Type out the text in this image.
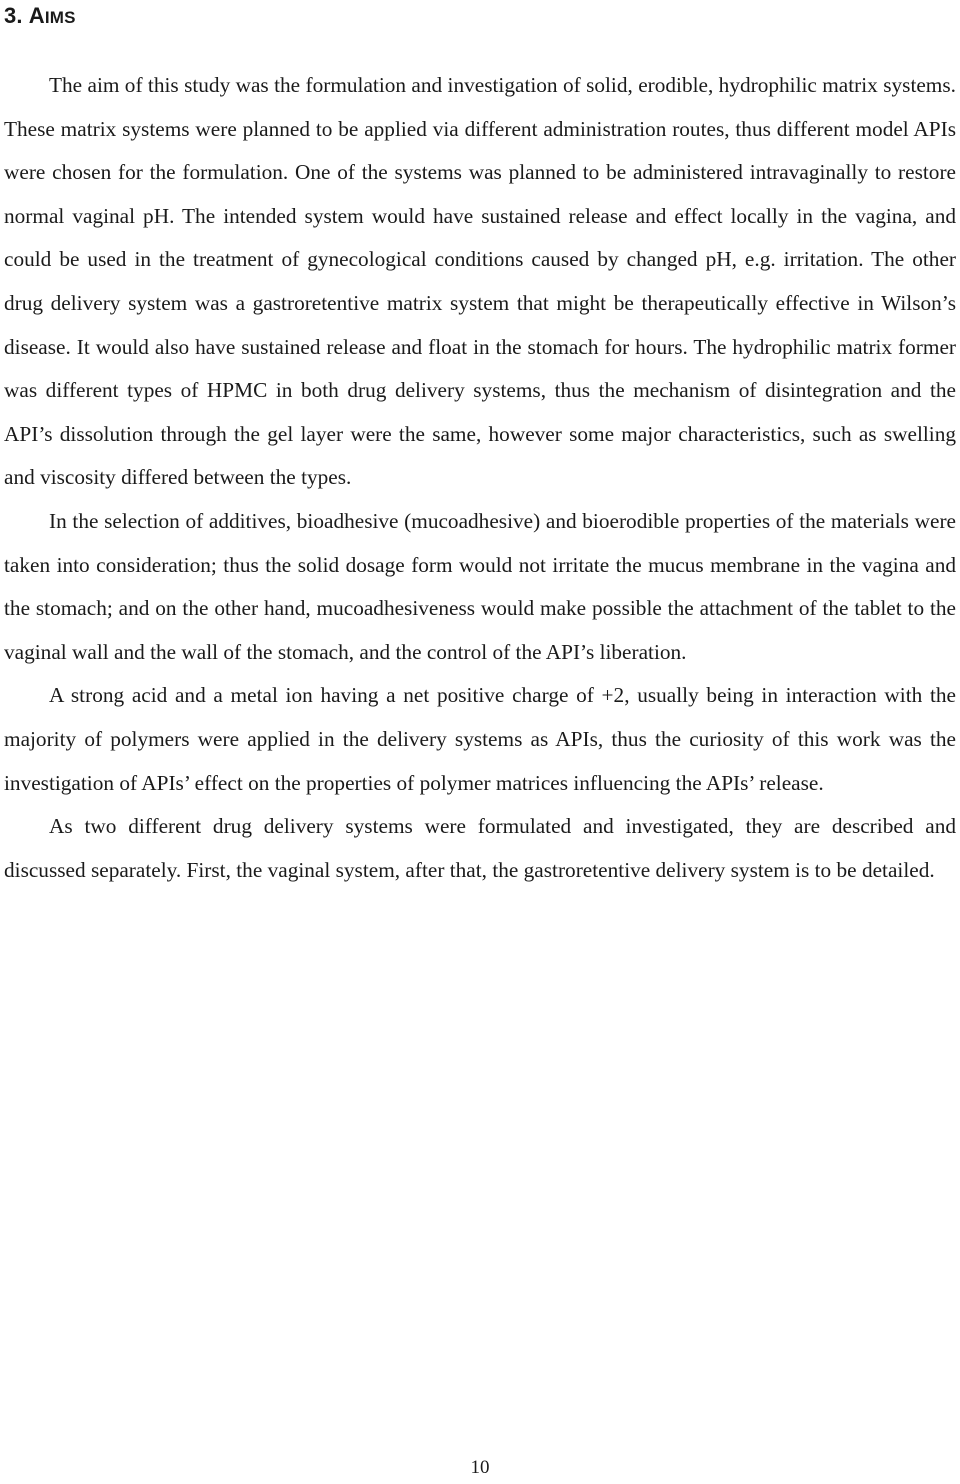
3. AIMS

The aim of this study was the formulation and investigation of solid, erodible, hydrophilic matrix systems. These matrix systems were planned to be applied via different administration routes, thus different model APIs were chosen for the formulation. One of the systems was planned to be administered intravaginally to restore normal vaginal pH. The intended system would have sustained release and effect locally in the vagina, and could be used in the treatment of gynecological conditions caused by changed pH, e.g. irritation. The other drug delivery system was a gastroretentive matrix system that might be therapeutically effective in Wilson’s disease. It would also have sustained release and float in the stomach for hours. The hydrophilic matrix former was different types of HPMC in both drug delivery systems, thus the mechanism of disintegration and the API’s dissolution through the gel layer were the same, however some major characteristics, such as swelling and viscosity differed between the types.

In the selection of additives, bioadhesive (mucoadhesive) and bioerodible properties of the materials were taken into consideration; thus the solid dosage form would not irritate the mucus membrane in the vagina and the stomach; and on the other hand, mucoadhesiveness would make possible the attachment of the tablet to the vaginal wall and the wall of the stomach, and the control of the API’s liberation.

A strong acid and a metal ion having a net positive charge of +2, usually being in interaction with the majority of polymers were applied in the delivery systems as APIs, thus the curiosity of this work was the investigation of APIs’ effect on the properties of polymer matrices influencing the APIs’ release.

As two different drug delivery systems were formulated and investigated, they are described and discussed separately. First, the vaginal system, after that, the gastroretentive delivery system is to be detailed.

10
